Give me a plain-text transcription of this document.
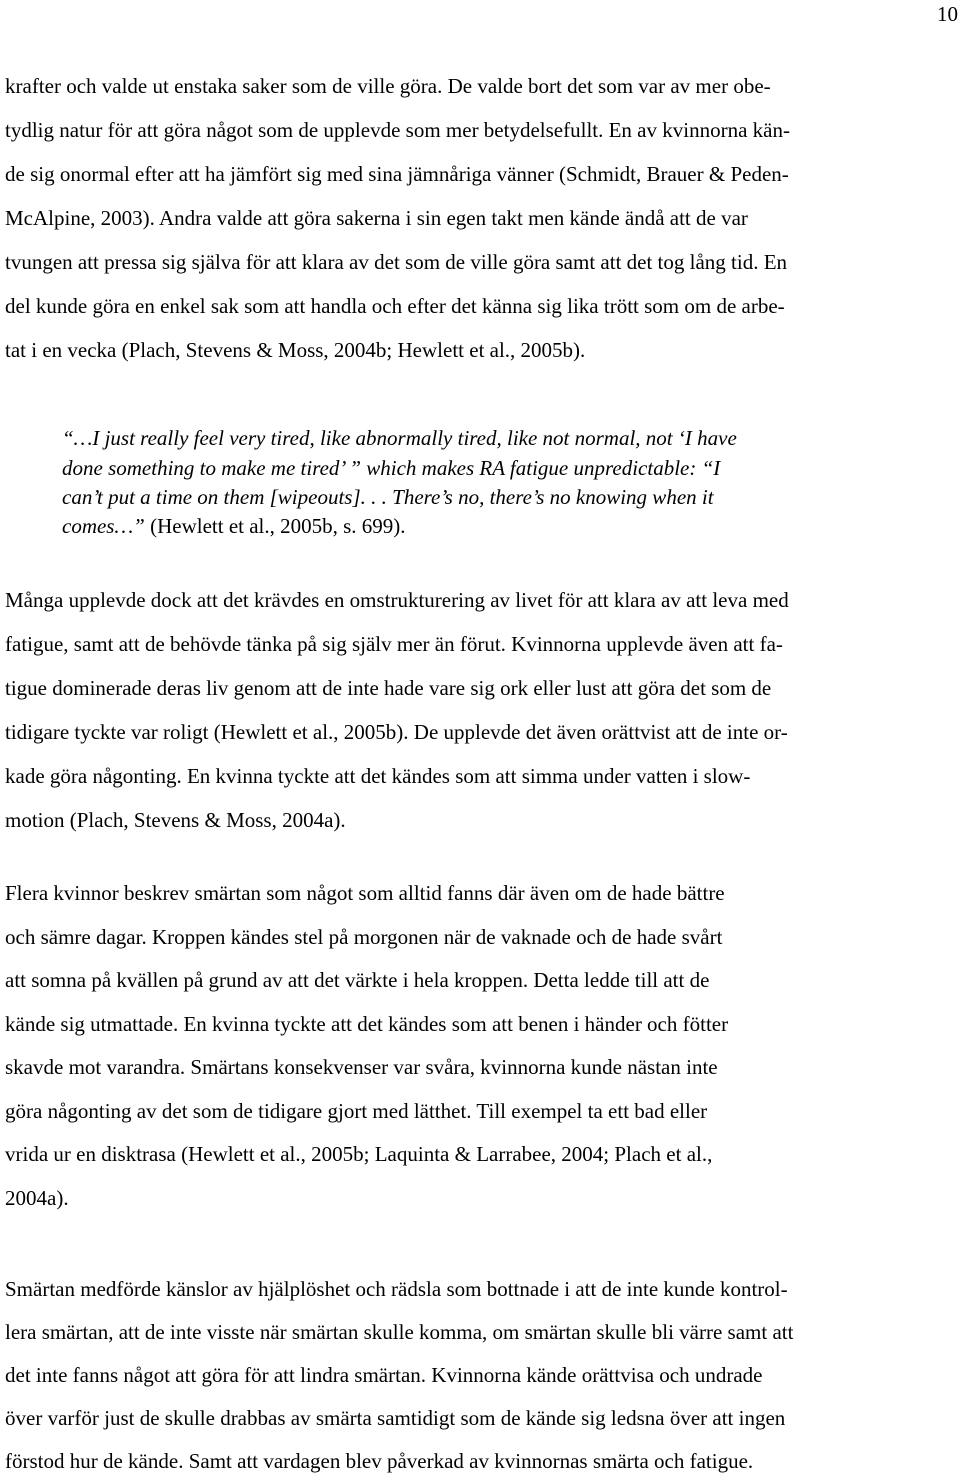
10
krafter och valde ut enstaka saker som de ville göra. De valde bort det som var av mer obe-
tydlig natur för att göra något som de upplevde som mer betydelsefullt. En av kvinnorna kän-
de sig onormal efter att ha jämfört sig med sina jämnåriga vänner (Schmidt, Brauer & Peden-
McAlpine, 2003). Andra valde att göra sakerna i sin egen takt men kände ändå att de var
tvungen att pressa sig själva för att klara av det som de ville göra samt att det tog lång tid. En
del kunde göra en enkel sak som att handla och efter det känna sig lika trött som om de arbe-
tat i en vecka (Plach, Stevens & Moss, 2004b; Hewlett et al., 2005b).
“…I just really feel very tired, like abnormally tired, like not normal, not ‘I have
done something to make me tired’ ” which makes RA fatigue unpredictable: “I
can’t put a time on them [wipeouts]. . . There’s no, there’s no knowing when it
comes…” (Hewlett et al., 2005b, s. 699).
Många upplevde dock att det krävdes en omstrukturering av livet för att klara av att leva med
fatigue, samt att de behövde tänka på sig själv mer än förut. Kvinnorna upplevde även att fa-
tigue dominerade deras liv genom att de inte hade vare sig ork eller lust att göra det som de
tidigare tyckte var roligt (Hewlett et al., 2005b). De upplevde det även orättvist att de inte or-
kade göra någonting. En kvinna tyckte att det kändes som att simma under vatten i slow-
motion (Plach, Stevens & Moss, 2004a).
Flera kvinnor beskrev smärtan som något som alltid fanns där även om de hade bättre
och sämre dagar. Kroppen kändes stel på morgonen när de vaknade och de hade svårt
att somna på kvällen på grund av att det värkte i hela kroppen. Detta ledde till att de
kände sig utmattade. En kvinna tyckte att det kändes som att benen i händer och fötter
skavde mot varandra. Smärtans konsekvenser var svåra, kvinnorna kunde nästan inte
göra någonting av det som de tidigare gjort med lätthet. Till exempel ta ett bad eller
vrida ur en disktrasa (Hewlett et al., 2005b; Laquinta & Larrabee, 2004; Plach et al.,
2004a).
Smärtan medförde känslor av hjälplöshet och rädsla som bottnade i att de inte kunde kontrol-
lera smärtan, att de inte visste när smärtan skulle komma, om smärtan skulle bli värre samt att
det inte fanns något att göra för att lindra smärtan. Kvinnorna kände orättvisa och undrade
över varför just de skulle drabbas av smärta samtidigt som de kände sig ledsna över att ingen
förstod hur de kände. Samt att vardagen blev påverkad av kvinnornas smärta och fatigue.
